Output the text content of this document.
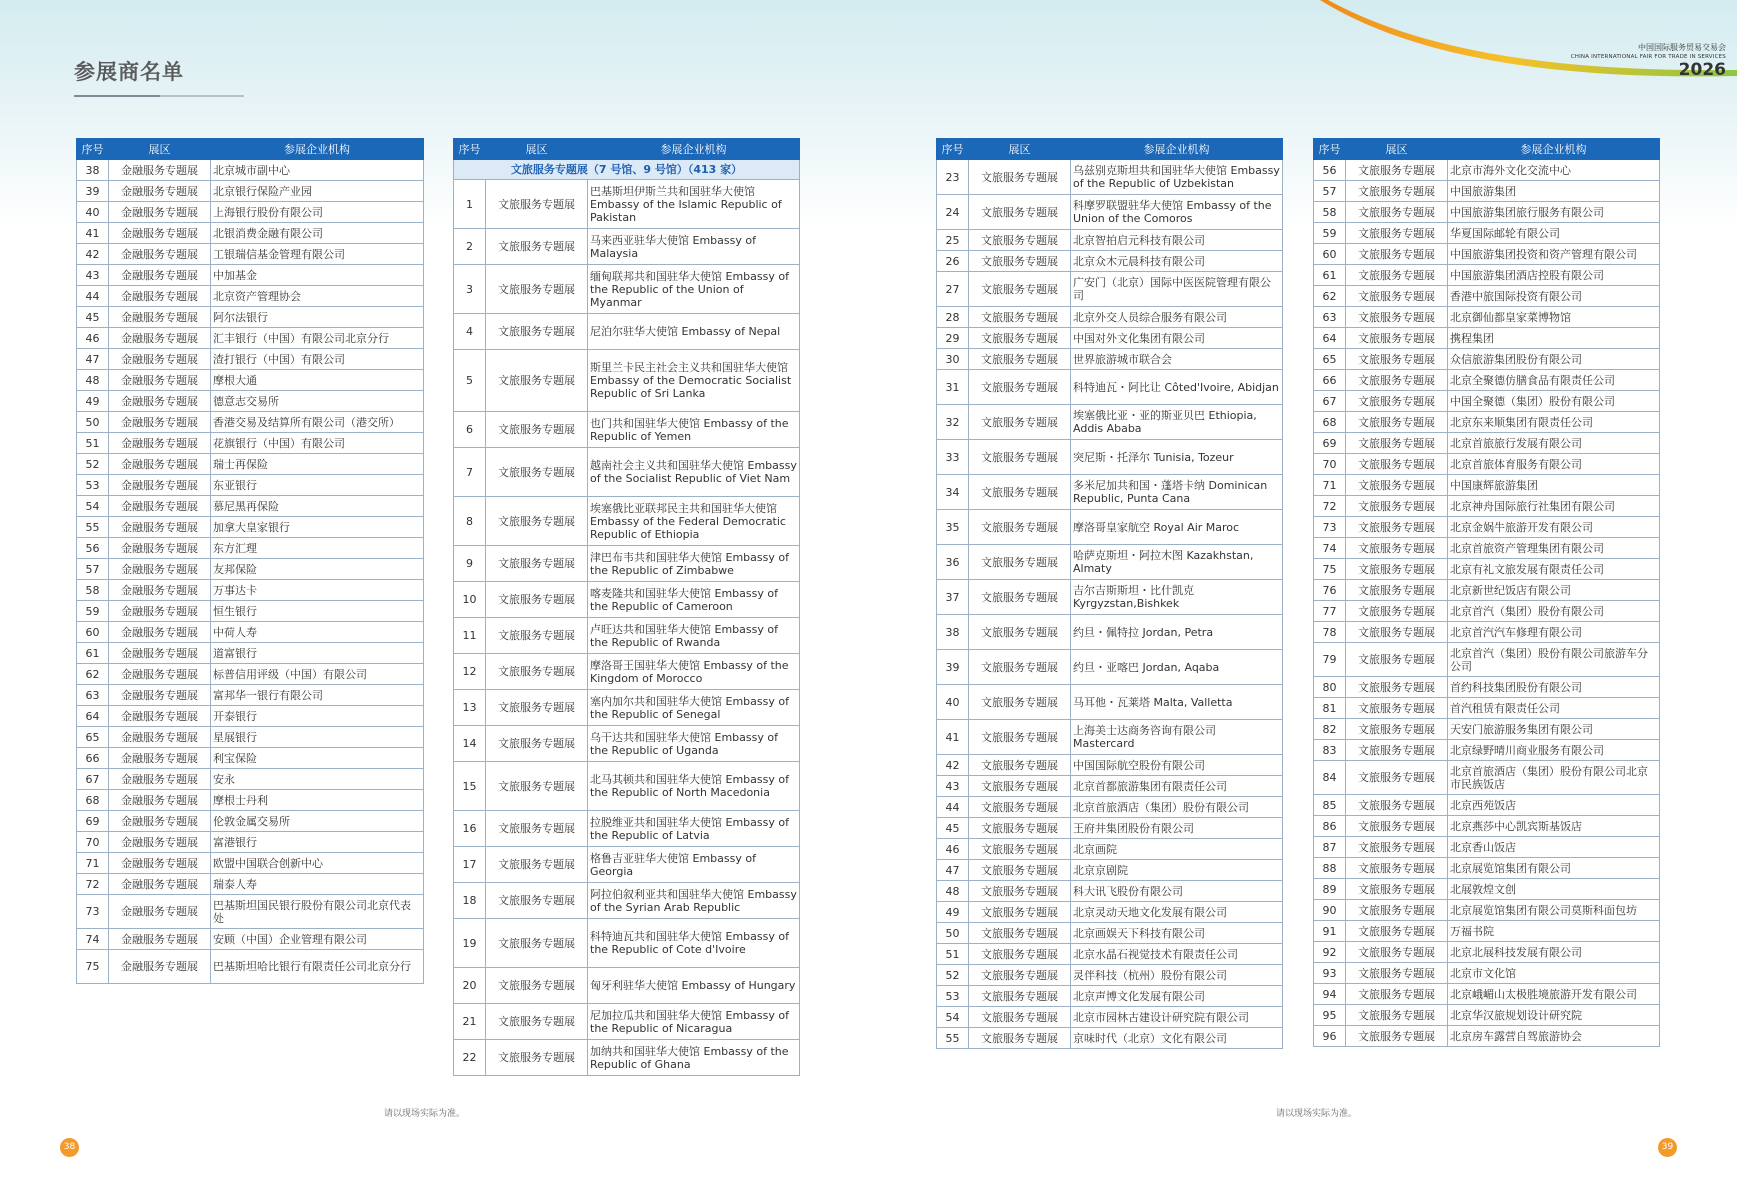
中国国际服务贸易交易会
CHINA INTERNATIONAL FAIR FOR TRADE IN SERVICES
2026
参展商名单
序号	展区	参展企业机构
38	金融服务专题展	北京城市副中心
39	金融服务专题展	北京银行保险产业园
40	金融服务专题展	上海银行股份有限公司
41	金融服务专题展	北银消费金融有限公司
42	金融服务专题展	工银瑞信基金管理有限公司
43	金融服务专题展	中加基金
44	金融服务专题展	北京资产管理协会
45	金融服务专题展	阿尔法银行
46	金融服务专题展	汇丰银行（中国）有限公司北京分行
47	金融服务专题展	渣打银行（中国）有限公司
48	金融服务专题展	摩根大通
49	金融服务专题展	德意志交易所
50	金融服务专题展	香港交易及结算所有限公司（港交所）
51	金融服务专题展	花旗银行（中国）有限公司
52	金融服务专题展	瑞士再保险
53	金融服务专题展	东亚银行
54	金融服务专题展	慕尼黑再保险
55	金融服务专题展	加拿大皇家银行
56	金融服务专题展	东方汇理
57	金融服务专题展	友邦保险
58	金融服务专题展	万事达卡
59	金融服务专题展	恒生银行
60	金融服务专题展	中荷人寿
61	金融服务专题展	道富银行
62	金融服务专题展	标普信用评级（中国）有限公司
63	金融服务专题展	富邦华一银行有限公司
64	金融服务专题展	开泰银行
65	金融服务专题展	星展银行
66	金融服务专题展	利宝保险
67	金融服务专题展	安永
68	金融服务专题展	摩根士丹利
69	金融服务专题展	伦敦金属交易所
70	金融服务专题展	富港银行
71	金融服务专题展	欧盟中国联合创新中心
72	金融服务专题展	瑞泰人寿
73	金融服务专题展	巴基斯坦国民银行股份有限公司北京代表处
74	金融服务专题展	安顾（中国）企业管理有限公司
75	金融服务专题展	巴基斯坦哈比银行有限责任公司北京分行
序号	展区	参展企业机构
文旅服务专题展（7 号馆、9 号馆）（413 家）		
1	文旅服务专题展	巴基斯坦伊斯兰共和国驻华大使馆 Embassy of the Islamic Republic of Pakistan
2	文旅服务专题展	马来西亚驻华大使馆 Embassy of Malaysia
3	文旅服务专题展	缅甸联邦共和国驻华大使馆 Embassy of the Republic of the Union of Myanmar
4	文旅服务专题展	尼泊尔驻华大使馆 Embassy of Nepal
5	文旅服务专题展	斯里兰卡民主社会主义共和国驻华大使馆 Embassy of the Democratic Socialist Republic of Sri Lanka
6	文旅服务专题展	也门共和国驻华大使馆 Embassy of the Republic of Yemen
7	文旅服务专题展	越南社会主义共和国驻华大使馆 Embassy of the Socialist Republic of Viet Nam
8	文旅服务专题展	埃塞俄比亚联邦民主共和国驻华大使馆 Embassy of the Federal Democratic Republic of Ethiopia
9	文旅服务专题展	津巴布韦共和国驻华大使馆 Embassy of the Republic of Zimbabwe
10	文旅服务专题展	喀麦隆共和国驻华大使馆 Embassy of the Republic of Cameroon
11	文旅服务专题展	卢旺达共和国驻华大使馆 Embassy of the Republic of Rwanda
12	文旅服务专题展	摩洛哥王国驻华大使馆 Embassy of the Kingdom of Morocco
13	文旅服务专题展	塞内加尔共和国驻华大使馆 Embassy of the Republic of Senegal
14	文旅服务专题展	乌干达共和国驻华大使馆 Embassy of the Republic of Uganda
15	文旅服务专题展	北马其顿共和国驻华大使馆 Embassy of the Republic of North Macedonia
16	文旅服务专题展	拉脱维亚共和国驻华大使馆 Embassy of the Republic of Latvia
17	文旅服务专题展	格鲁吉亚驻华大使馆 Embassy of Georgia
18	文旅服务专题展	阿拉伯叙利亚共和国驻华大使馆 Embassy of the Syrian Arab Republic
19	文旅服务专题展	科特迪瓦共和国驻华大使馆 Embassy of the Republic of Cote d'Ivoire
20	文旅服务专题展	匈牙利驻华大使馆 Embassy of Hungary
21	文旅服务专题展	尼加拉瓜共和国驻华大使馆 Embassy of the Republic of Nicaragua
22	文旅服务专题展	加纳共和国驻华大使馆 Embassy of the Republic of Ghana
序号	展区	参展企业机构
23	文旅服务专题展	乌兹别克斯坦共和国驻华大使馆 Embassy of the Republic of Uzbekistan
24	文旅服务专题展	科摩罗联盟驻华大使馆 Embassy of the Union of the Comoros
25	文旅服务专题展	北京智拍启元科技有限公司
26	文旅服务专题展	北京众木元晨科技有限公司
27	文旅服务专题展	广安门（北京）国际中医医院管理有限公司
28	文旅服务专题展	北京外交人员综合服务有限公司
29	文旅服务专题展	中国对外文化集团有限公司
30	文旅服务专题展	世界旅游城市联合会
31	文旅服务专题展	科特迪瓦・阿比让 Côted'Ivoire, Abidjan
32	文旅服务专题展	埃塞俄比亚・亚的斯亚贝巴 Ethiopia, Addis Ababa
33	文旅服务专题展	突尼斯・托泽尔 Tunisia, Tozeur
34	文旅服务专题展	多米尼加共和国・蓬塔卡纳 Dominican Republic, Punta Cana
35	文旅服务专题展	摩洛哥皇家航空 Royal Air Maroc
36	文旅服务专题展	哈萨克斯坦・阿拉木图 Kazakhstan, Almaty
37	文旅服务专题展	吉尔吉斯斯坦・比什凯克 Kyrgyzstan,Bishkek
38	文旅服务专题展	约旦・佩特拉 Jordan, Petra
39	文旅服务专题展	约旦・亚喀巴 Jordan, Aqaba
40	文旅服务专题展	马耳他・瓦莱塔 Malta, Valletta
41	文旅服务专题展	上海美士达商务咨询有限公司 Mastercard
42	文旅服务专题展	中国国际航空股份有限公司
43	文旅服务专题展	北京首都旅游集团有限责任公司
44	文旅服务专题展	北京首旅酒店（集团）股份有限公司
45	文旅服务专题展	王府井集团股份有限公司
46	文旅服务专题展	北京画院
47	文旅服务专题展	北京京剧院
48	文旅服务专题展	科大讯飞股份有限公司
49	文旅服务专题展	北京灵动天地文化发展有限公司
50	文旅服务专题展	北京画娱天下科技有限公司
51	文旅服务专题展	北京水晶石视觉技术有限责任公司
52	文旅服务专题展	灵伴科技（杭州）股份有限公司
53	文旅服务专题展	北京声博文化发展有限公司
54	文旅服务专题展	北京市园林古建设计研究院有限公司
55	文旅服务专题展	京味时代（北京）文化有限公司
序号	展区	参展企业机构
56	文旅服务专题展	北京市海外文化交流中心
57	文旅服务专题展	中国旅游集团
58	文旅服务专题展	中国旅游集团旅行服务有限公司
59	文旅服务专题展	华夏国际邮轮有限公司
60	文旅服务专题展	中国旅游集团投资和资产管理有限公司
61	文旅服务专题展	中国旅游集团酒店控股有限公司
62	文旅服务专题展	香港中旅国际投资有限公司
63	文旅服务专题展	北京御仙都皇家菜博物馆
64	文旅服务专题展	携程集团
65	文旅服务专题展	众信旅游集团股份有限公司
66	文旅服务专题展	北京全聚德仿膳食品有限责任公司
67	文旅服务专题展	中国全聚德（集团）股份有限公司
68	文旅服务专题展	北京东来顺集团有限责任公司
69	文旅服务专题展	北京首旅旅行发展有限公司
70	文旅服务专题展	北京首旅体育服务有限公司
71	文旅服务专题展	中国康辉旅游集团
72	文旅服务专题展	北京神舟国际旅行社集团有限公司
73	文旅服务专题展	北京金娲牛旅游开发有限公司
74	文旅服务专题展	北京首旅资产管理集团有限公司
75	文旅服务专题展	北京有礼文旅发展有限责任公司
76	文旅服务专题展	北京新世纪饭店有限公司
77	文旅服务专题展	北京首汽（集团）股份有限公司
78	文旅服务专题展	北京首汽汽车修理有限公司
79	文旅服务专题展	北京首汽（集团）股份有限公司旅游车分公司
80	文旅服务专题展	首约科技集团股份有限公司
81	文旅服务专题展	首汽租赁有限责任公司
82	文旅服务专题展	天安门旅游服务集团有限公司
83	文旅服务专题展	北京绿野晴川商业服务有限公司
84	文旅服务专题展	北京首旅酒店（集团）股份有限公司北京市民族饭店
85	文旅服务专题展	北京西苑饭店
86	文旅服务专题展	北京燕莎中心凯宾斯基饭店
87	文旅服务专题展	北京香山饭店
88	文旅服务专题展	北京展览馆集团有限公司
89	文旅服务专题展	北展敦煌文创
90	文旅服务专题展	北京展览馆集团有限公司莫斯科面包坊
91	文旅服务专题展	万福书院
92	文旅服务专题展	北京北展科技发展有限公司
93	文旅服务专题展	北京市文化馆
94	文旅服务专题展	北京峨嵋山太极胜境旅游开发有限公司
95	文旅服务专题展	北京华汉旅规划设计研究院
96	文旅服务专题展	北京房车露营自驾旅游协会
请以现场实际为准。	请以现场实际为准。
38	39
